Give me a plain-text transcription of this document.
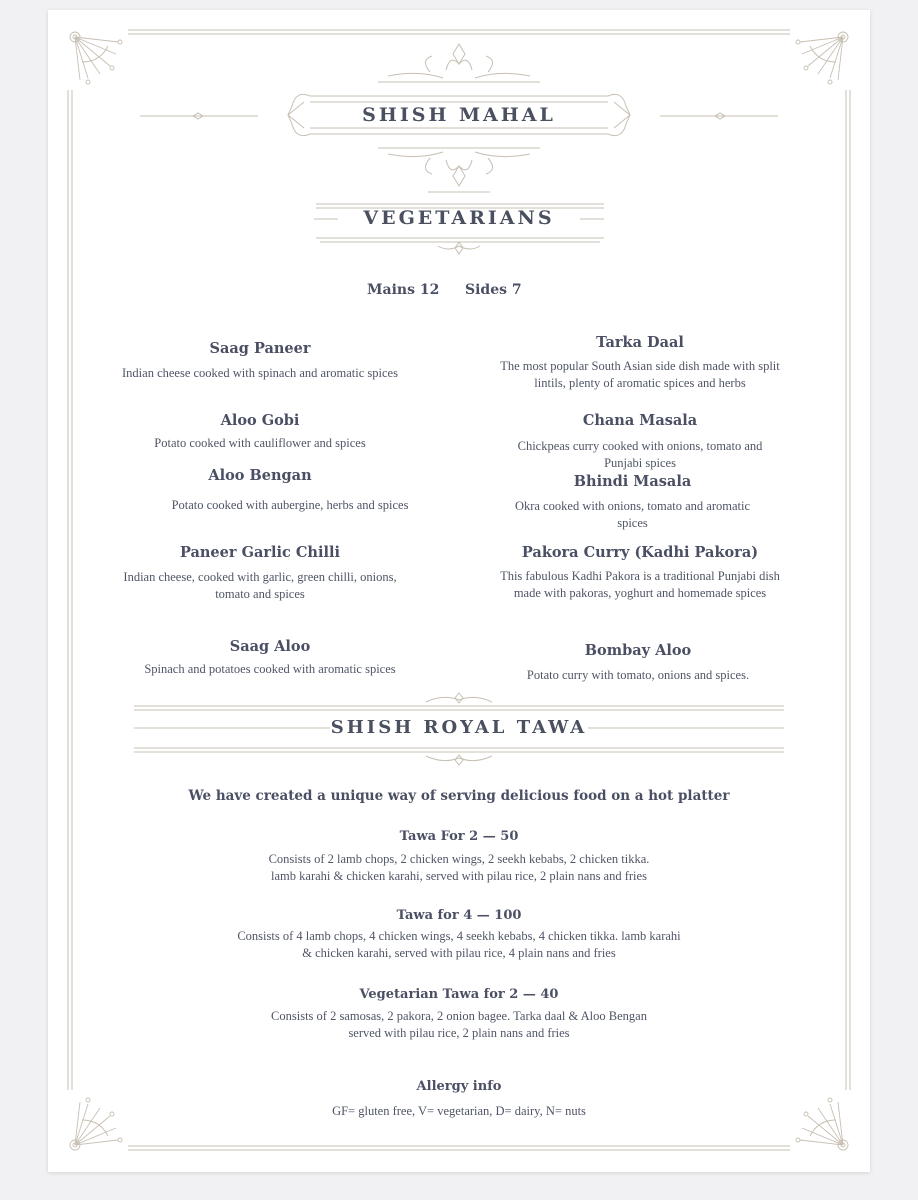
SHISH MAHAL
VEGETARIANS
Mains 12 Sides 7
Saag Paneer
Indian cheese cooked with spinach and aromatic spices
Aloo Gobi
Potato cooked with cauliflower and spices
Aloo Bengan
Potato cooked with aubergine, herbs and spices
Paneer Garlic Chilli
Indian cheese, cooked with garlic, green chilli, onions, tomato and spices
Saag Aloo
Spinach and potatoes cooked with aromatic spices
Tarka Daal
The most popular South Asian side dish made with split lintils, plenty of aromatic spices and herbs
Chana Masala
Chickpeas curry cooked with onions, tomato and Punjabi spices
Bhindi Masala
Okra cooked with onions, tomato and aromatic spices
Pakora Curry (Kadhi Pakora)
This fabulous Kadhi Pakora is a traditional Punjabi dish made with pakoras, yoghurt and homemade spices
Bombay Aloo
Potato curry with tomato, onions and spices.
SHISH ROYAL TAWA
We have created a unique way of serving delicious food on a hot platter
Tawa For 2 — 50
Consists of 2 lamb chops, 2 chicken wings, 2 seekh kebabs, 2 chicken tikka. lamb karahi & chicken karahi, served with pilau rice, 2 plain nans and fries
Tawa for 4 — 100
Consists of 4 lamb chops, 4 chicken wings, 4 seekh kebabs, 4 chicken tikka. lamb karahi & chicken karahi, served with pilau rice, 4 plain nans and fries
Vegetarian Tawa for 2 — 40
Consists of 2 samosas, 2 pakora, 2 onion bagee. Tarka daal & Aloo Bengan served with pilau rice, 2 plain nans and fries
Allergy info
GF= gluten free, V= vegetarian, D= dairy, N= nuts
